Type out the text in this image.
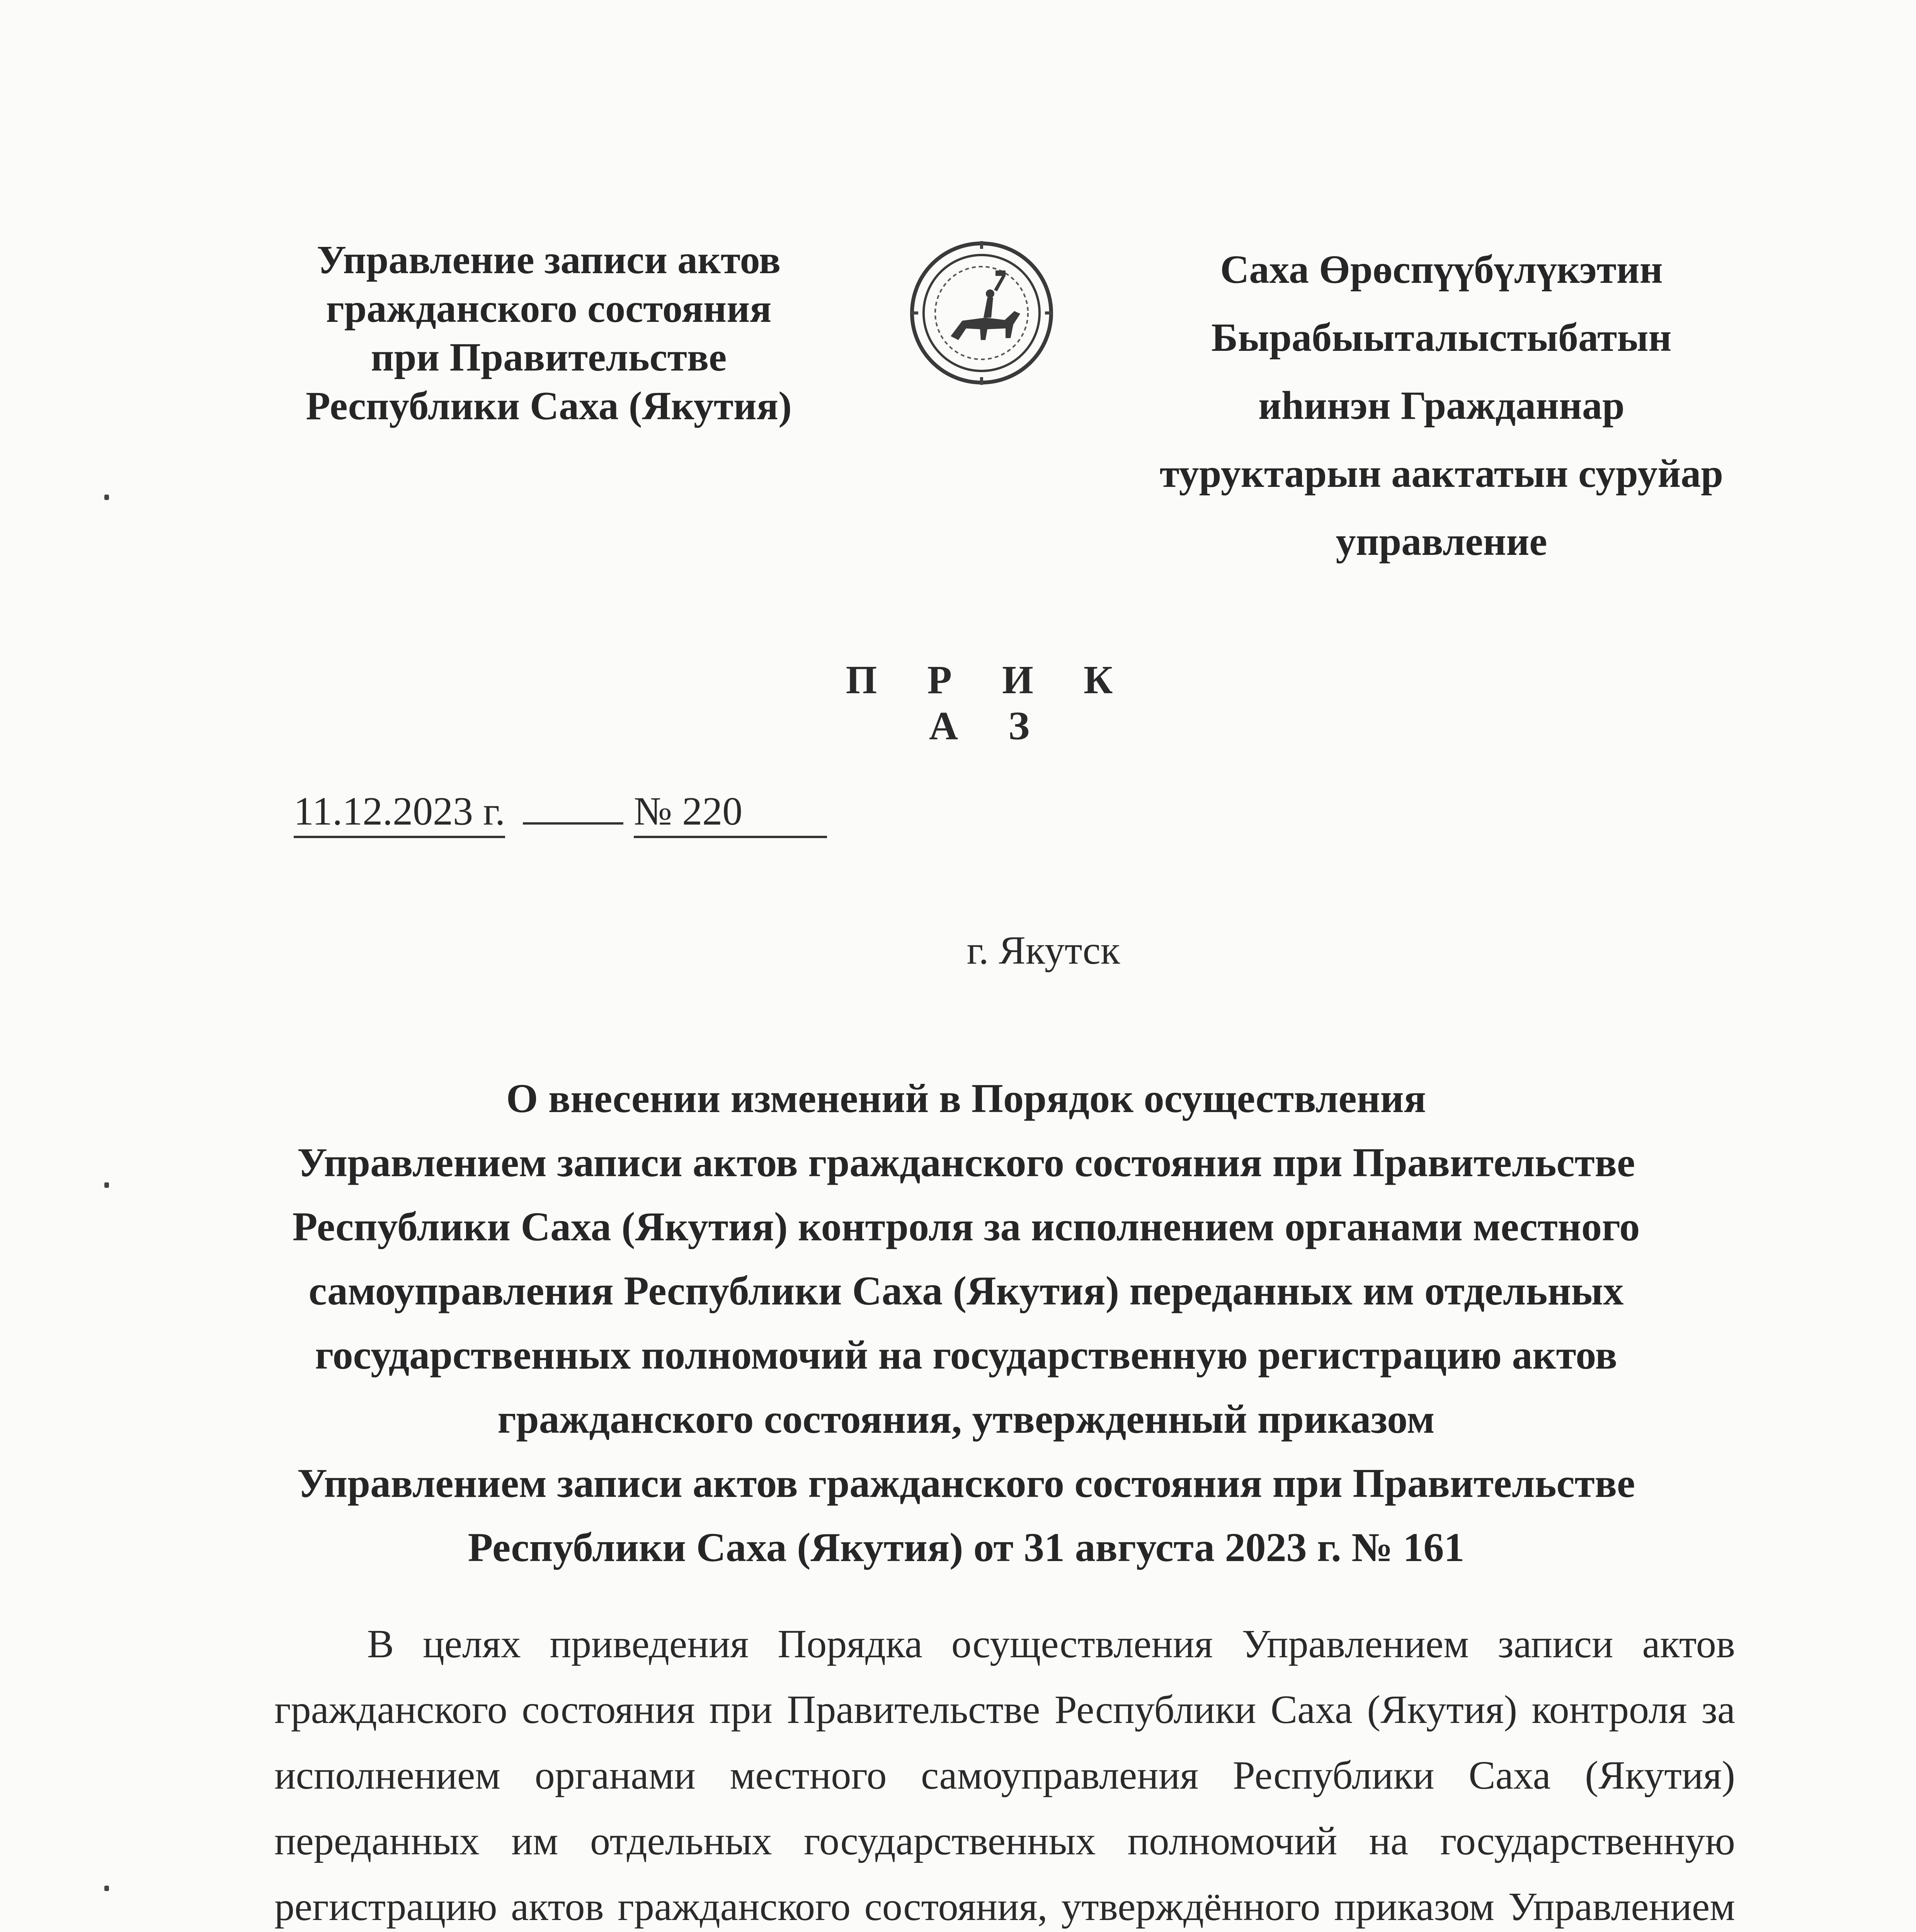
Управление записи актов
гражданского состояния
при Правительстве
Республики Саха (Якутия)
Саха Өрөспүүбүлүкэтин
Бырабыыталыстыбатын
иһинэн Гражданнар
туруктарын аактатын суруйар
управление
П Р И К А З
11.12.2023 г.	№ 220
г. Якутск
О внесении изменений в Порядок осуществления
Управлением записи актов гражданского состояния при Правительстве
Республики Саха (Якутия) контроля за исполнением органами местного
самоуправления Республики Саха (Якутия) переданных им отдельных
государственных полномочий на государственную регистрацию актов
гражданского состояния, утвержденный приказом
Управлением записи актов гражданского состояния при Правительстве
Республики Саха (Якутия) от 31 августа 2023 г. № 161
В целях приведения Порядка осуществления Управлением записи актов гражданского состояния при Правительстве Республики Саха (Якутия) контроля за исполнением органами местного самоуправления Республики Саха (Якутия) переданных им отдельных государственных полномочий на государственную регистрацию актов гражданского состояния, утверждённого приказом Управлением
